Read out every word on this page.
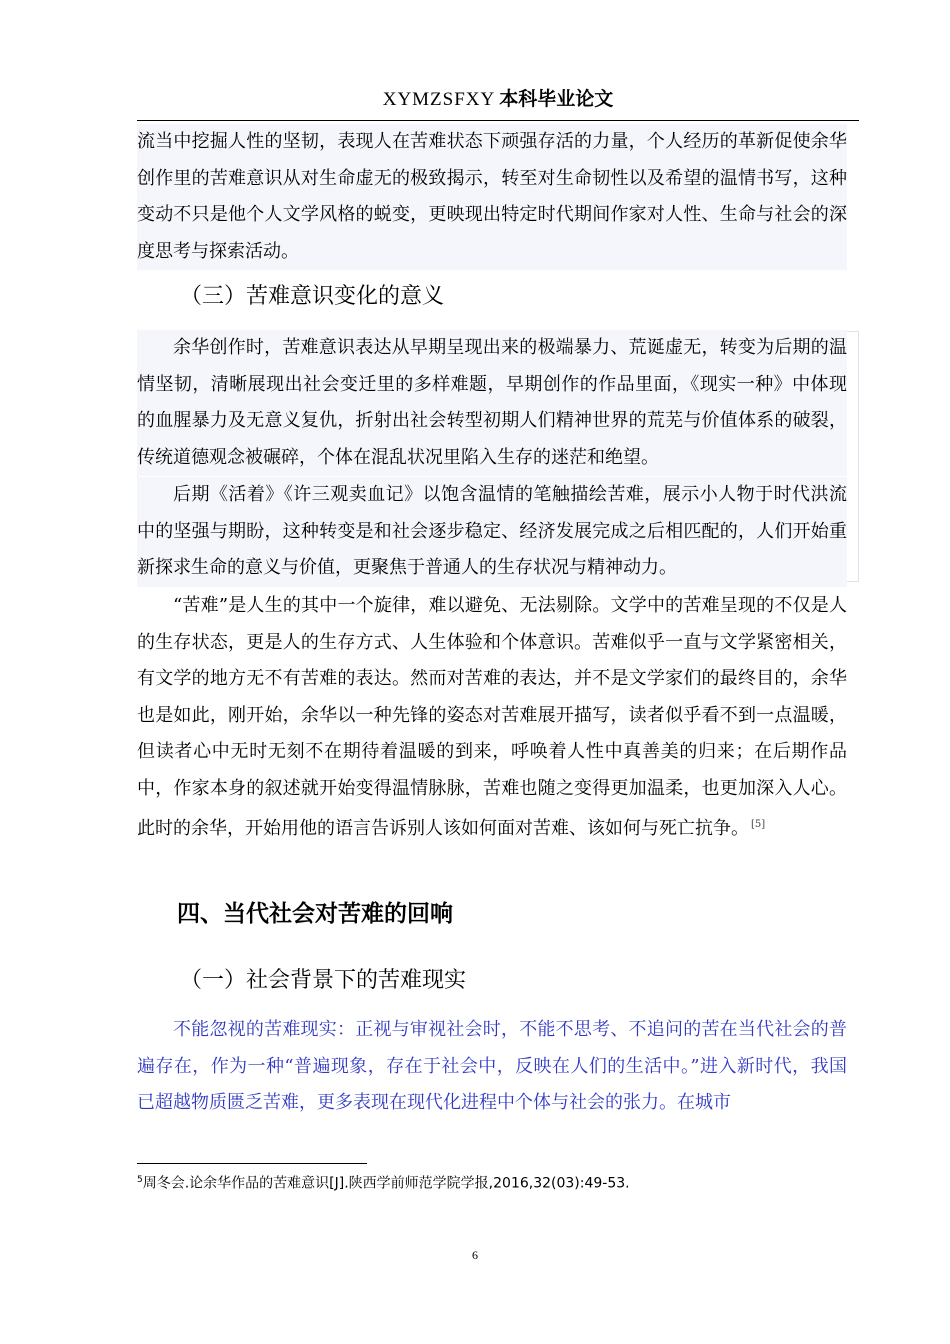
XYMZSFXY 本科毕业论文

流当中挖掘人性的坚韧，表现人在苦难状态下顽强存活的力量，个人经历的革新促使余华创作里的苦难意识从对生命虚无的极致揭示，转至对生命韧性以及希望的温情书写，这种变动不只是他个人文学风格的蜕变，更映现出特定时代期间作家对人性、生命与社会的深度思考与探索活动。

（三）苦难意识变化的意义

余华创作时，苦难意识表达从早期呈现出来的极端暴力、荒诞虚无，转变为后期的温情坚韧，清晰展现出社会变迁里的多样难题，早期创作的作品里面，《现实一种》中体现的血腥暴力及无意义复仇，折射出社会转型初期人们精神世界的荒芜与价值体系的破裂，传统道德观念被碾碎，个体在混乱状况里陷入生存的迷茫和绝望。

后期《活着》《许三观卖血记》以饱含温情的笔触描绘苦难，展示小人物于时代洪流中的坚强与期盼，这种转变是和社会逐步稳定、经济发展完成之后相匹配的，人们开始重新探求生命的意义与价值，更聚焦于普通人的生存状况与精神动力。

“苦难”是人生的其中一个旋律，难以避免、无法剔除。文学中的苦难呈现的不仅是人的生存状态，更是人的生存方式、人生体验和个体意识。苦难似乎一直与文学紧密相关，有文学的地方无不有苦难的表达。然而对苦难的表达，并不是文学家们的最终目的，余华也是如此，刚开始，余华以一种先锋的姿态对苦难展开描写，读者似乎看不到一点温暖，但读者心中无时无刻不在期待着温暖的到来，呼唤着人性中真善美的归来；在后期作品中，作家本身的叙述就开始变得温情脉脉，苦难也随之变得更加温柔，也更加深入人心。此时的余华，开始用他的语言告诉别人该如何面对苦难、该如何与死亡抗争。 [5]

四、当代社会对苦难的回响
（一）社会背景下的苦难现实

不能忽视的苦难现实：正视与审视社会时，不能不思考、不追问的苦在当代社会的普遍存在，作为一种“普遍现象，存在于社会中，反映在人们的生活中。”进入新时代，我国已超越物质匮乏苦难，更多表现在现代化进程中个体与社会的张力。在城市

$^5$周冬会.论余华作品的苦难意识[J].陕西学前师范学院学报,2016,32(03):49-53.

6
